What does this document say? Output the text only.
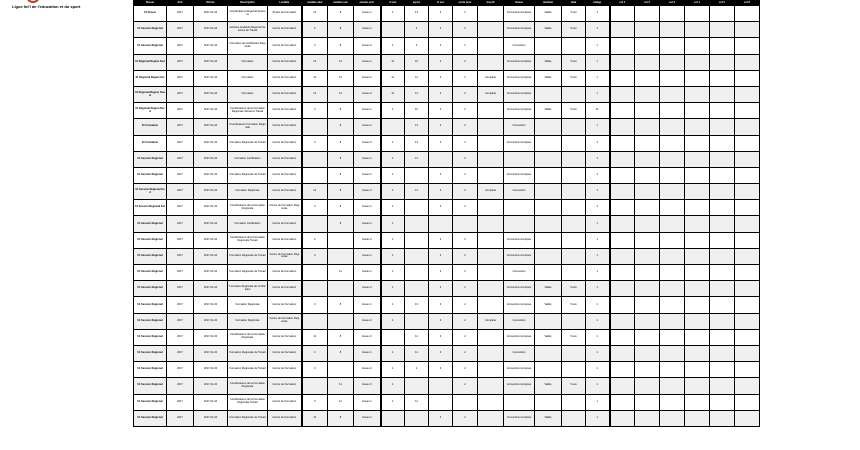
Ligue Int'l de l'education et du sport
Sessio	Ann	Dat de	Description	Localite	nombre elev	nombre ens	niveau scol	cl sec	eq lyc	cl sco	ecole prov	inscrit	classe	mention	total	badge	col 1	col 2	col 3	col 4	col 5	col 6
01 Classe	2017	2017-01-04	Coordinateurs Regional Sessions	Terrain de Formation	12	8	niveau 1	1	14	3	2		Convention Acceptee	Valide	5 ans	1						
01 Session Regional	2017	2017-01-04	Activites etudiants Regional Sessions de Travail	Centre de Formation	2	8	niveau 2		4	2	2		Convention Acceptee	Valide	5 ans	1						
01 Session Regional	2017	2017-01-04	Formation de Certification Regionale	Centre de Formation	3	8	niveau 3	1	3	3	1		Convention			1						
01 Regional Region Sud	2017	2017-01-04	Formation	Centre de Formation	14	12	niveau 1	11	16	3	2		Convention Acceptee	Valide	5 ans	1						
01 Regional Region Est	2017	2017-01-04	Formation	Centre de Formation	11	12	niveau 2	11	11	3	1	Complete	Convention Acceptee	Valide	5 ans	1						
01 Regional Region Ouest	2017	2017-01-04	Formation	Centre de Formation	12	12	niveau 3	11	11	3	2	Complete	Convention Acceptee			1						
01 Regional Region Nord	2017	2017-01-04	Coordinateurs de la Formation Regionale Sessions Travail	Centre de Formation	3	8	niveau 1	1	10	3	2		Convention Acceptee	Valide	5 ans	11						
01 Formation	2017	2017-01-04	Coordinateurs Formation Regionale	Centre de Formation		8	niveau 2		13	3	2		Convention			1						
01 Formation	2017	2017-01-04	Formation Regionale de Travail	Centre de Formation	3	8	niveau 3	1	13	3	1		Convention Acceptee			1						
01 Session Regional	2017	2017-01-04	Formation Certification	Centre de Formation		8	niveau 1	1	11		2					1						
01 Session Regional	2017	2017-01-04	Formation Regionale de Travail	Centre de Formation		8	niveau 2	1		3	2		Convention Acceptee			1						
01 Session Regional Sud	2017	2017-01-04	Formation Regionale	Centre de Formation	14	8	niveau 3	1	11	3	2	Complete	Convention			1						
01 Session Regional Est	2017	2017-01-04	Coordinateurs de la Formation Regionale	Centre de Formation Regionale	3	8	niveau 1	1		3	2					1						
01 Session Regional	2017	2017-01-04	Formation Certification	Centre de Formation		8	niveau 2	1								1						
01 Session Regional	2017	2017-01-04	Coordinateurs de la Formation Regionale Travail	Centre de Formation	3		niveau 3	1		3	2		Convention Acceptee			1						
01 Session Regional	2017	2017-01-04	Formation Regionale de Travail	Centre de Formation Regionale	3		niveau 1	1		3	2		Convention Acceptee			1						
01 Session Regional	2017	2017-01-04	Formation Regionale de Travail	Centre de Formation		11	niveau 2	1		3	2		Convention			1						
01 Session Regional	2017	2017-01-04	Formation Regionale de Certification	Centre de Formation			niveau 3	1		3	1		Convention Acceptee	Valide	5 ans	1						
01 Session Regional	2017	2017-01-04	Formation Regionale	Centre de Formation	3	8	niveau 1	1	13	3	2		Convention Acceptee	Valide	5 ans	1						
01 Session Regional	2017	2017-01-04	Formation Regionale	Centre de Formation Regionale			niveau 2	1		3	2	Complete	Convention			1						
01 Session Regional	2017	2017-01-04	Coordinateurs de la Formation Regionale	Centre de Formation	11	8	niveau 3		11	3	2		Convention Acceptee	Valide	5 ans	1						
01 Session Regional	2017	2017-01-04	Formation Regionale de Travail	Centre de Formation	3	8	niveau 1	1	11	3	2		Convention			1						
01 Session Regional	2017	2017-01-04	Formation Regionale de Travail	Centre de Formation	3		niveau 2	1	1	3	2		Convention Acceptee			1						
01 Session Regional	2017	2017-01-04	Coordinateurs de la Formation Regionale	Centre de Formation		11	niveau 3	1			2		Convention Acceptee	Valide	5 ans	1						
01 Session Regional	2017	2017-01-04	Coordinateurs de la Formation Regionale Travail	Centre de Formation	3	11	niveau 1	1	11							1						
01 Session Regional	2017	2017-01-04	Formation Regionale de Travail	Centre de Formation	11	8	niveau 2			3	2		Convention Acceptee	Valide		1						
